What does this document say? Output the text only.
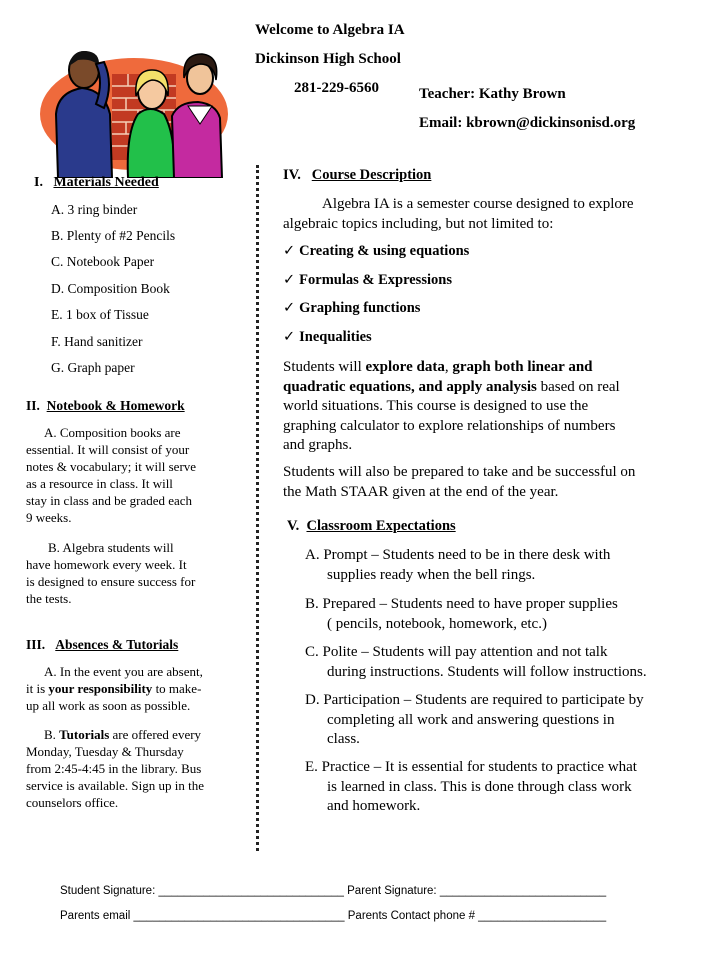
Welcome to Algebra IA
Dickinson High School
281-229-6560	Teacher: Kathy Brown
Email: kbrown@dickinsonisd.org
I. Materials Needed
A. 3 ring binder
B. Plenty of #2 Pencils
C. Notebook Paper
D. Composition Book
E. 1 box of Tissue
F. Hand sanitizer
G. Graph paper
II. Notebook & Homework
A. Composition books are
essential. It will consist of your
notes & vocabulary; it will serve
as a resource in class. It will
stay in class and be graded each
9 weeks.
B. Algebra students will
have homework every week. It
is designed to ensure success for
the tests.
III. Absences & Tutorials
A. In the event you are absent,
it is your responsibility to make-
up all work as soon as possible.
B. Tutorials are offered every
Monday, Tuesday & Thursday
from 2:45-4:45 in the library. Bus
service is available. Sign up in the
counselors office.
IV. Course Description
Algebra IA is a semester course designed to explore
algebraic topics including, but not limited to:
✓ Creating & using equations
✓ Formulas & Expressions
✓ Graphing functions
✓ Inequalities
Students will explore data, graph both linear and
quadratic equations, and apply analysis based on real
world situations. This course is designed to use the
graphing calculator to explore relationships of numbers
and graphs.
Students will also be prepared to take and be successful on
the Math STAAR given at the end of the year.
V. Classroom Expectations
A. Prompt – Students need to be in there desk with
supplies ready when the bell rings.
B. Prepared – Students need to have proper supplies
( pencils, notebook, homework, etc.)
C. Polite – Students will pay attention and not talk
during instructions. Students will follow instructions.
D. Participation – Students are required to participate by
completing all work and answering questions in
class.
E. Practice – It is essential for students to practice what
is learned in class. This is done through class work
and homework.
Student Signature: _____________________________ Parent Signature: __________________________
Parents email _________________________________ Parents Contact phone # ____________________
